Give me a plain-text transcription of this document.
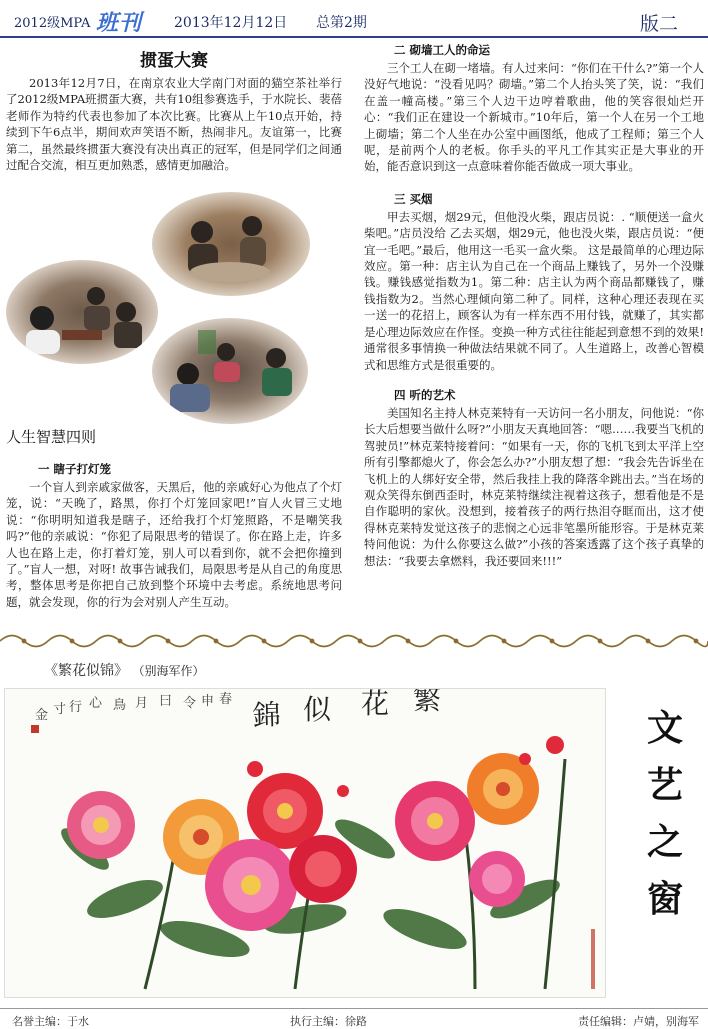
2012级MPA 班刊 2013年12月12日 总第2期	版二
掼蛋大赛

2013年12月7日，在南京农业大学南门对面的猫空茶社举行了2012级MPA班掼蛋大赛，共有10组参赛选手，于水院长、裴蓓老师作为特约代表也参加了本次比赛。比赛从上午10点开始，持续到下午6点半，期间欢声笑语不断，热闹非凡。友谊第一，比赛第二，虽然最终掼蛋大赛没有决出真正的冠军，但是同学们之间通过配合交流，相互更加熟悉，感情更加融洽。

人生智慧四则
一 瞎子打灯笼

一个盲人到亲戚家做客，天黑后，他的亲戚好心为他点了个灯笼，说：“天晚了，路黑，你打个灯笼回家吧!”盲人火冒三丈地说：“你明明知道我是瞎子，还给我打个灯笼照路，不是嘲笑我吗?”他的亲戚说：“你犯了局限思考的错误了。你在路上走，许多人也在路上走，你打着灯笼，别人可以看到你，就不会把你撞到了。”盲人一想，对呀! 故事告诫我们，局限思考是从自己的角度思考，整体思考是你把自己放到整个环境中去考虑。系统地思考问题，就会发现，你的行为会对别人产生互动。

二 砌墙工人的命运

三个工人在砌一堵墙。有人过来问：“你们在干什么?”第一个人没好气地说：“没看见吗？砌墙。”第二个人抬头笑了笑，说：“我们在盖一幢高楼。”第三个人边干边哼着歌曲，他的笑容很灿烂开心：“我们正在建设一个新城市。”10年后，第一个人在另一个工地上砌墙；第二个人坐在办公室中画图纸，他成了工程师；第三个人呢，是前两个人的老板。你手头的平凡工作其实正是大事业的开始，能否意识到这一点意味着你能否做成一项大事业。

三 买烟

甲去买烟，烟29元，但他没火柴，跟店员说：. “顺便送一盒火柴吧。”店员没给 乙去买烟，烟29元，他也没火柴，跟店员说：“便宜一毛吧。”最后，他用这一毛买一盒火柴。 这是最简单的心理边际效应。第一种：店主认为自己在一个商品上赚钱了，另外一个没赚钱。赚钱感觉指数为1。第二种：店主认为两个商品都赚钱了，赚钱指数为2。当然心理倾向第二种了。同样，这种心理还表现在买一送一的花招上，顾客认为有一样东西不用付钱，就赚了，其实都是心理边际效应在作怪。变换一种方式往往能起到意想不到的效果!通常很多事情换一种做法结果就不同了。人生道路上，改善心智模式和思维方式是很重要的。

四 听的艺术

美国知名主持人林克莱特有一天访问一名小朋友，问他说：“你长大后想要当做什么呀?”小朋友天真地回答：“嗯……我要当飞机的驾驶员!”林克莱特接着问：“如果有一天，你的飞机飞到太平洋上空所有引擎都熄火了，你会怎么办?”小朋友想了想：“我会先告诉坐在飞机上的人绑好安全带，然后我挂上我的降落伞跳出去。”当在场的观众笑得东倒西歪时，林克莱特继续注视着这孩子，想看他是不是自作聪明的家伙。没想到，接着孩子的两行热泪夺眶而出，这才使得林克莱特发觉这孩子的悲悯之心远非笔墨所能形容。于是林克莱特问他说：为什么你要这么做?”小孩的答案透露了这个孩子真挚的想法：“我要去拿燃料，我还要回来!!!”

《繁花似锦》 （别海军作）
錦 似 花 繁
金 寸 行 心 鳥 月 曰 令 申 春
文
艺
之
窗
名誉主编：于水	执行主编：徐路	责任编辑：卢婧，别海军
